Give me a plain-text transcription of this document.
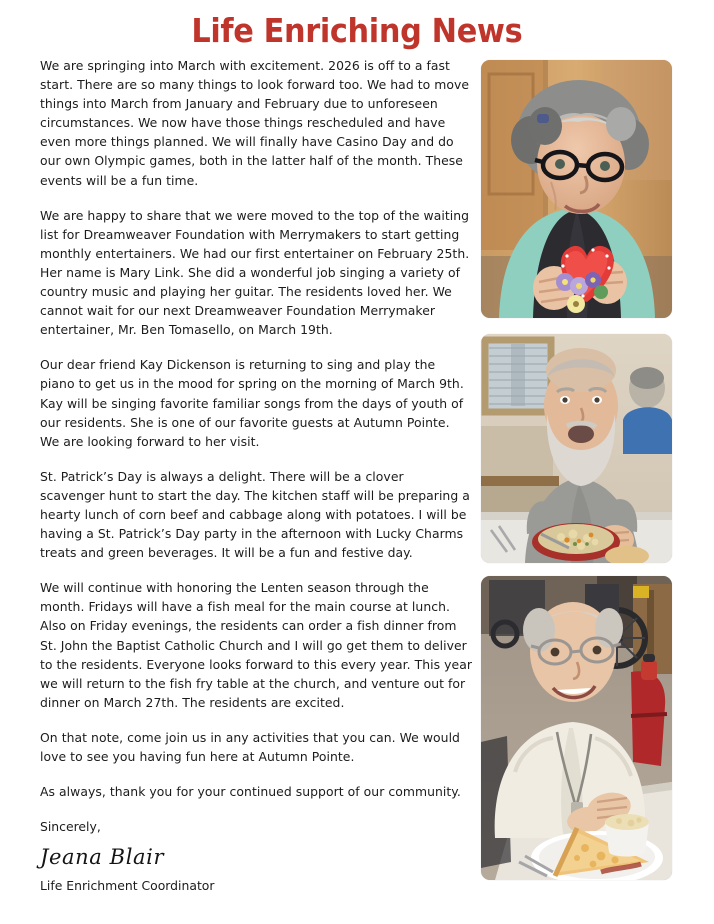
Life Enriching News

We are springing into March with excitement. 2026 is off to a fast start. There are so many things to look forward too. We had to move things into March from January and February due to unforeseen circumstances. We now have those things rescheduled and have even more things planned. We will finally have Casino Day and do our own Olympic games, both in the latter half of the month. These events will be a fun time.

We are happy to share that we were moved to the top of the waiting list for Dreamweaver Foundation with Merrymakers to start getting monthly entertainers. We had our first entertainer on February 25th. Her name is Mary Link. She did a wonderful job singing a variety of country music and playing her guitar. The residents loved her. We cannot wait for our next Dreamweaver Foundation Merrymaker entertainer, Mr. Ben Tomasello, on March 19th.

Our dear friend Kay Dickenson is returning to sing and play the piano to get us in the mood for spring on the morning of March 9th. Kay will be singing favorite familiar songs from the days of youth of our residents. She is one of our favorite guests at Autumn Pointe. We are looking forward to her visit.

St. Patrick’s Day is always a delight. There will be a clover scavenger hunt to start the day. The kitchen staff will be preparing a hearty lunch of corn beef and cabbage along with potatoes. I will be having a St. Patrick’s Day party in the afternoon with Lucky Charms treats and green beverages. It will be a fun and festive day.

We will continue with honoring the Lenten season through the month. Fridays will have a fish meal for the main course at lunch. Also on Friday evenings, the residents can order a fish dinner from St. John the Baptist Catholic Church and I will go get them to deliver to the residents. Everyone looks forward to this every year. This year we will return to the fish fry table at the church, and venture out for dinner on March 27th. The residents are excited.

On that note, come join us in any activities that you can. We would love to see you having fun here at Autumn Pointe.

As always, thank you for your continued support of our community.

Sincerely,

Jeana Blair

Life Enrichment Coordinator
